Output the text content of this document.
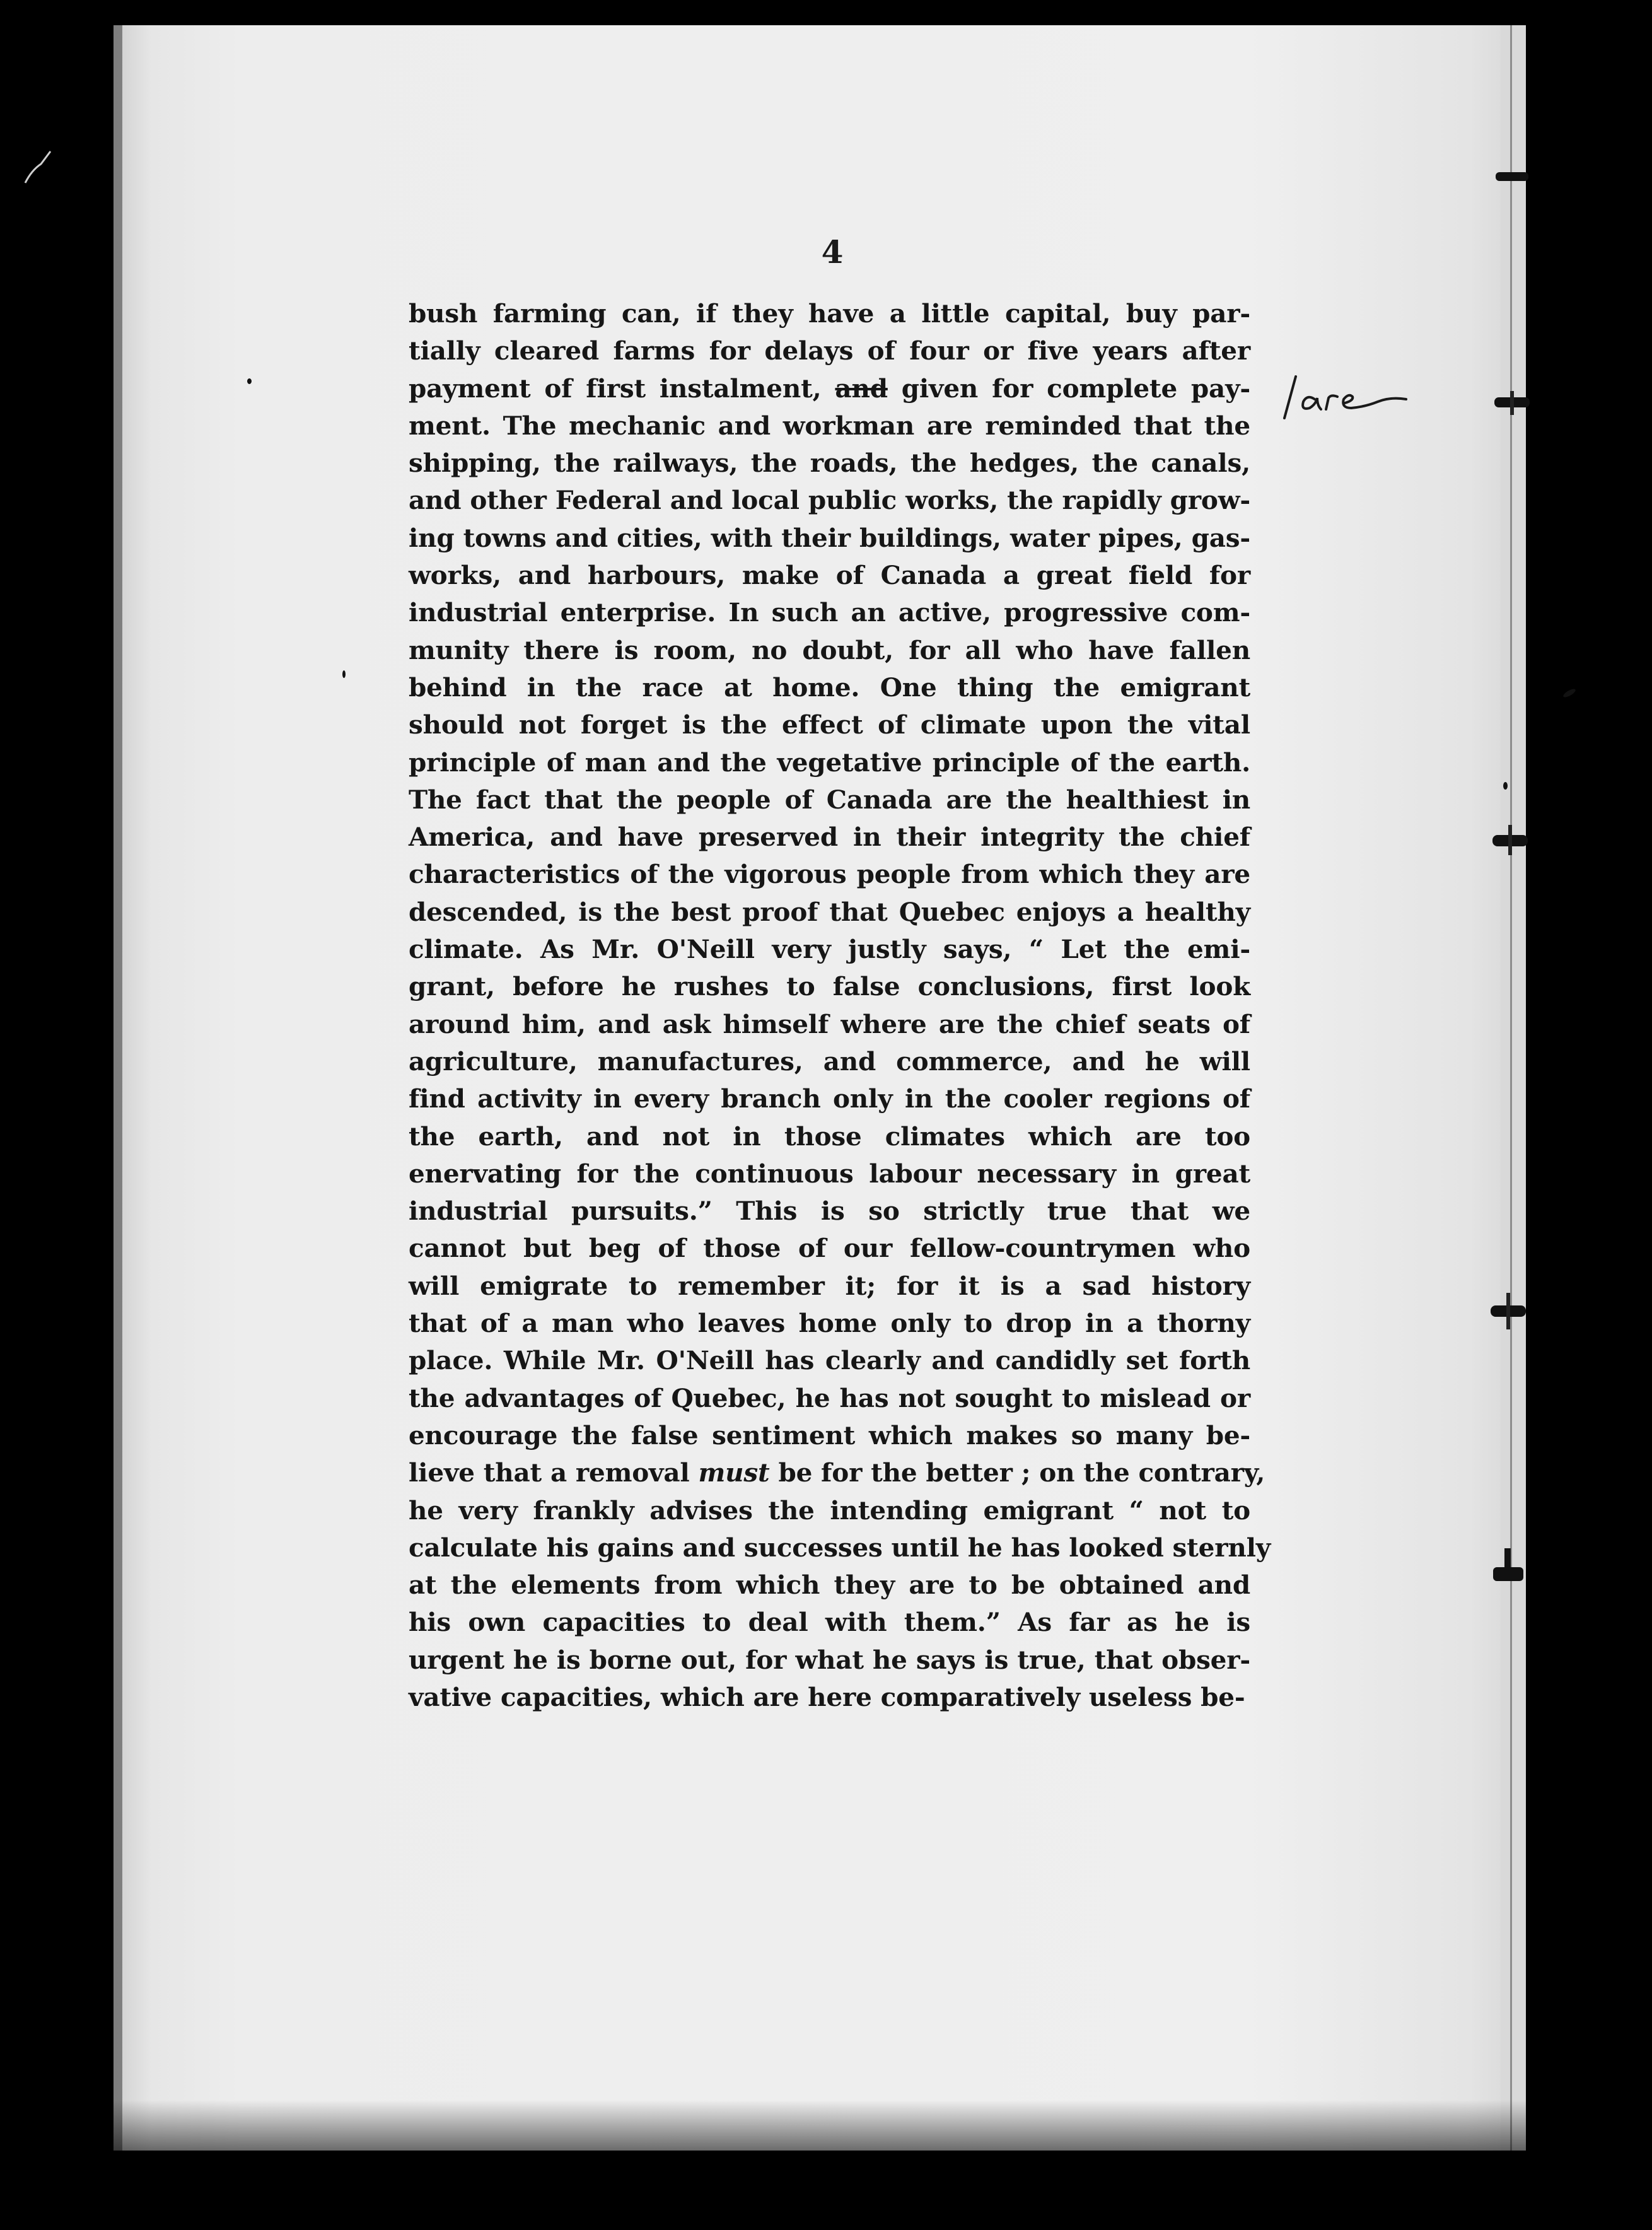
4
bush farming can, if they have a little capital, buy par-
tially cleared farms for delays of four or five years after
payment of first instalment, and given for complete pay-
ment. The mechanic and workman are reminded that the
shipping, the railways, the roads, the hedges, the canals,
and other Federal and local public works, the rapidly grow-
ing towns and cities, with their buildings, water pipes, gas-
works, and harbours, make of Canada a great field for
industrial enterprise. In such an active, progressive com-
munity there is room, no doubt, for all who have fallen
behind in the race at home. One thing the emigrant
should not forget is the effect of climate upon the vital
principle of man and the vegetative principle of the earth.
The fact that the people of Canada are the healthiest in
America, and have preserved in their integrity the chief
characteristics of the vigorous people from which they are
descended, is the best proof that Quebec enjoys a healthy
climate. As Mr. O'Neill very justly says, “ Let the emi-
grant, before he rushes to false conclusions, first look
around him, and ask himself where are the chief seats of
agriculture, manufactures, and commerce, and he will
find activity in every branch only in the cooler regions of
the earth, and not in those climates which are too
enervating for the continuous labour necessary in great
industrial pursuits.” This is so strictly true that we
cannot but beg of those of our fellow-countrymen who
will emigrate to remember it; for it is a sad history
that of a man who leaves home only to drop in a thorny
place. While Mr. O'Neill has clearly and candidly set forth
the advantages of Quebec, he has not sought to mislead or
encourage the false sentiment which makes so many be-
lieve that a removal must be for the better ; on the contrary,
he very frankly advises the intending emigrant “ not to
calculate his gains and successes until he has looked sternly
at the elements from which they are to be obtained and
his own capacities to deal with them.” As far as he is
urgent he is borne out, for what he says is true, that obser-
vative capacities, which are here comparatively useless be-
